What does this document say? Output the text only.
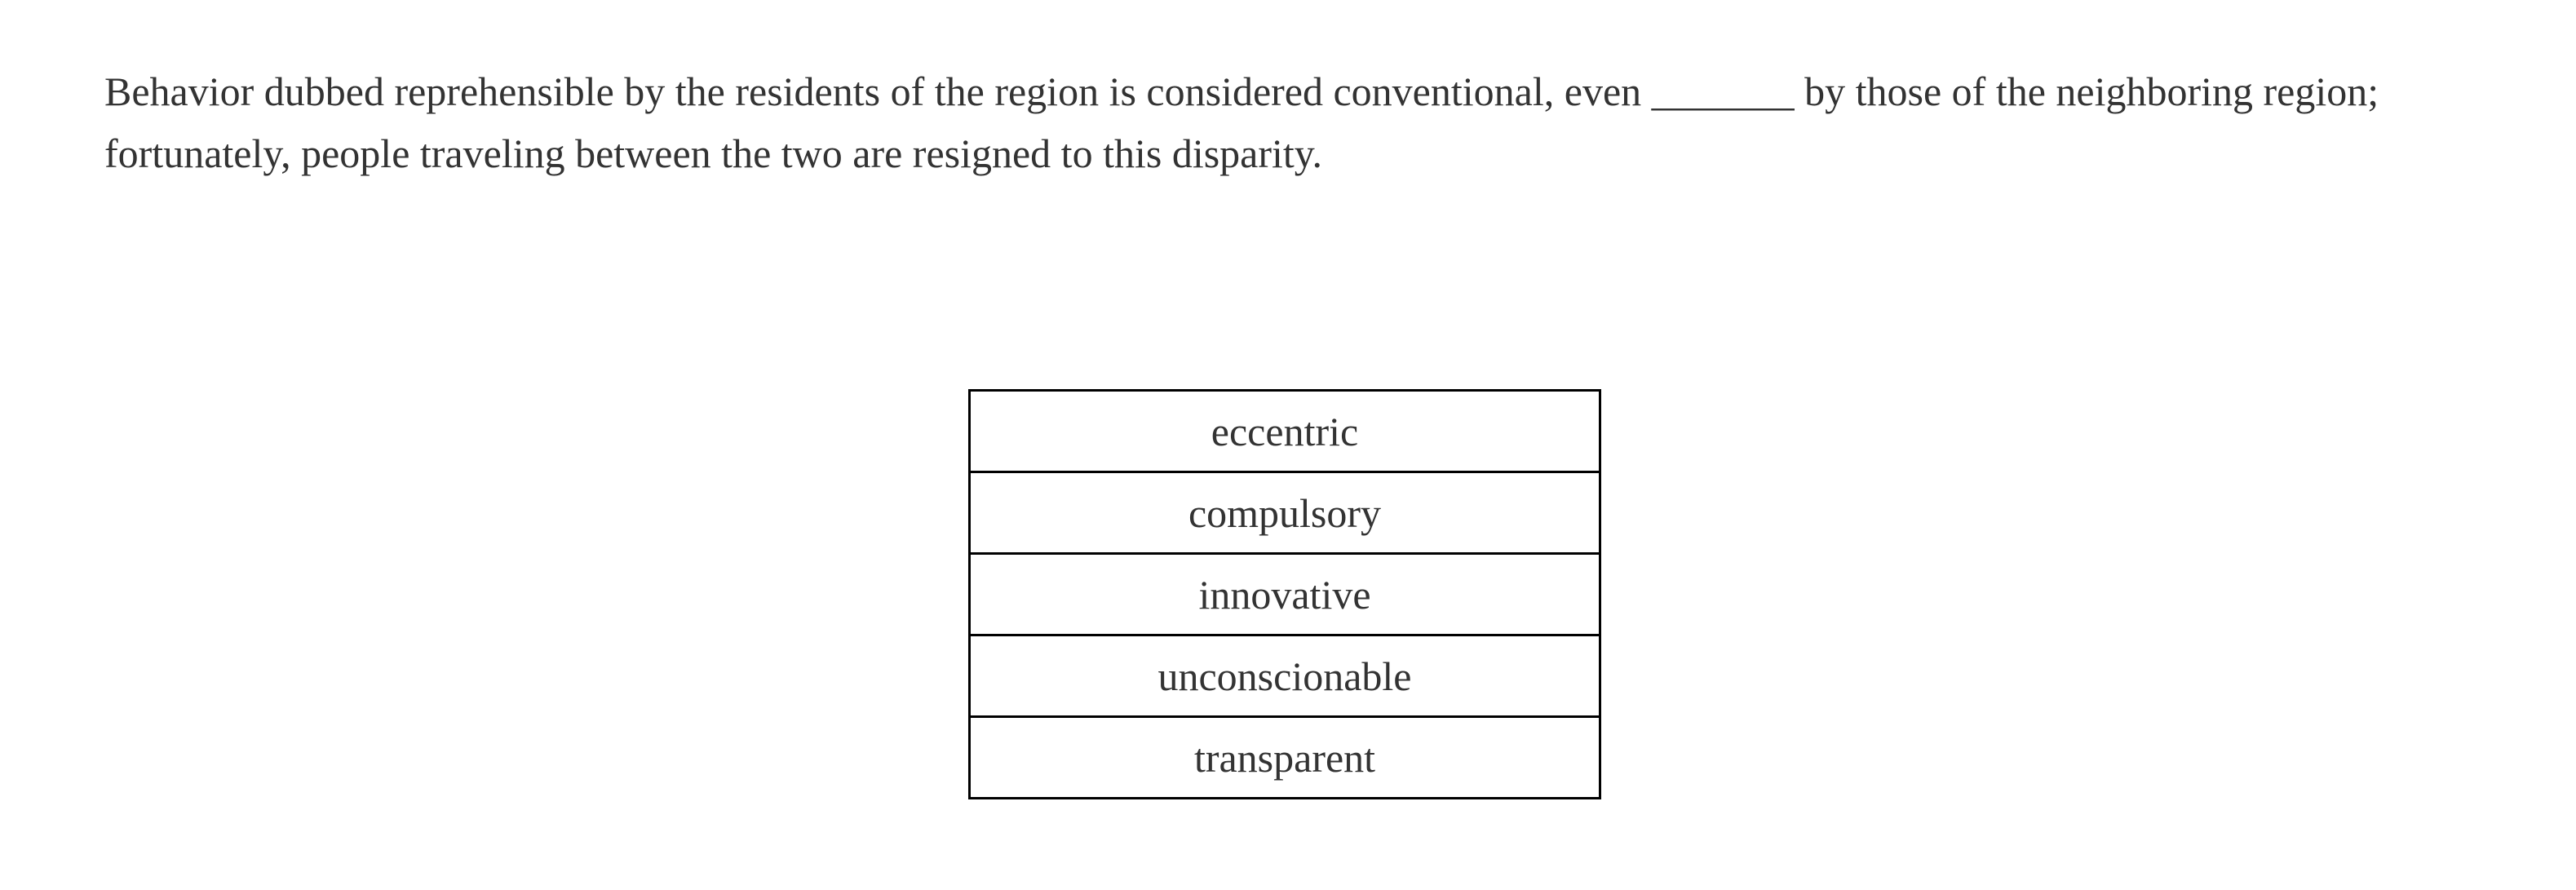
Behavior dubbed reprehensible by the residents of the region is considered conventional, even _______ by those of the neighboring region; fortunately, people traveling between the two are resigned to this disparity.

eccentric
compulsory
innovative
unconscionable
transparent
